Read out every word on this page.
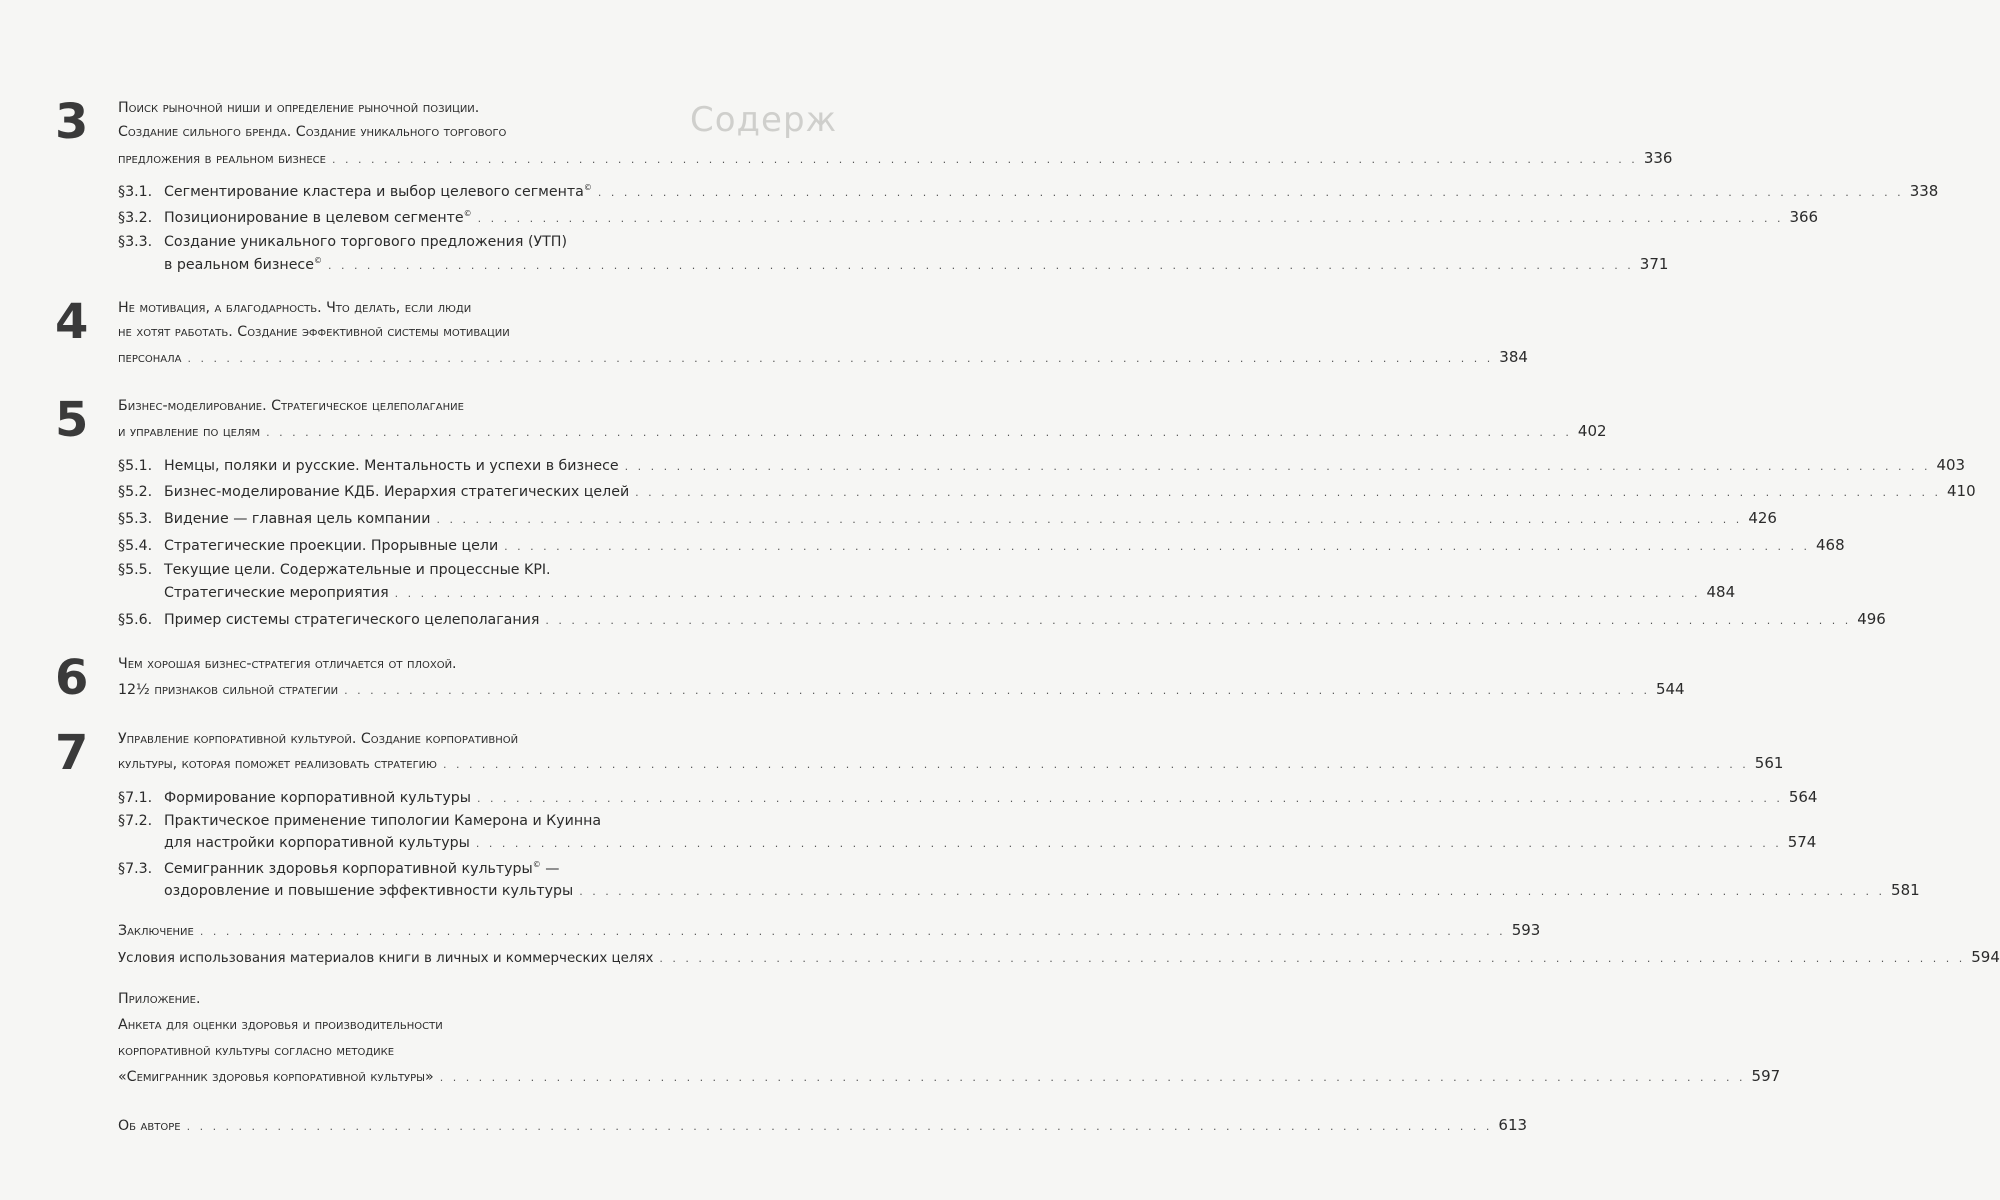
Содерж
3 Поиск рыночной ниши и определение рыночной позиции.
Создание сильного бренда. Создание уникального торгового
предложения в реальном бизнесе . . . . . . . . . . . . . . . . . . . . . . . . . . . . . . . . . . . . . . . . . . . . . . . . . . . . . . . . . . . . . . . . . . . . . . . . . . . . . . . . . . . . . . . . . . . . . . . . . . . . . 336
§3.1. Сегментирование кластера и выбор целевого сегмента© . . . . . . . . . . . . . . . . . . . . . . . . . . . . . . . . . . . . . . . . . . . . . . . . . . . . . . . . . . . . . . . . . . . . . . . . . . . . . . . . . . . . . . . . . . . . . . . . . . . . . 338
§3.2. Позиционирование в целевом сегменте© . . . . . . . . . . . . . . . . . . . . . . . . . . . . . . . . . . . . . . . . . . . . . . . . . . . . . . . . . . . . . . . . . . . . . . . . . . . . . . . . . . . . . . . . . . . . . . . . . . . . . 366
§3.3. Создание уникального торгового предложения (УТП)
в реальном бизнесе© . . . . . . . . . . . . . . . . . . . . . . . . . . . . . . . . . . . . . . . . . . . . . . . . . . . . . . . . . . . . . . . . . . . . . . . . . . . . . . . . . . . . . . . . . . . . . . . . . . . . . 371
4 Не мотивация, а благодарность. Что делать, если люди
не хотят работать. Создание эффективной системы мотивации
персонала . . . . . . . . . . . . . . . . . . . . . . . . . . . . . . . . . . . . . . . . . . . . . . . . . . . . . . . . . . . . . . . . . . . . . . . . . . . . . . . . . . . . . . . . . . . . . . . . . . . . . 384
5 Бизнес-моделирование. Стратегическое целеполагание
и управление по целям . . . . . . . . . . . . . . . . . . . . . . . . . . . . . . . . . . . . . . . . . . . . . . . . . . . . . . . . . . . . . . . . . . . . . . . . . . . . . . . . . . . . . . . . . . . . . . . . . . . . . 402
§5.1. Немцы, поляки и русские. Ментальность и успехи в бизнесе . . . . . . . . . . . . . . . . . . . . . . . . . . . . . . . . . . . . . . . . . . . . . . . . . . . . . . . . . . . . . . . . . . . . . . . . . . . . . . . . . . . . . . . . . . . . . . . . . . . . . 403
§5.2. Бизнес-моделирование КДБ. Иерархия стратегических целей . . . . . . . . . . . . . . . . . . . . . . . . . . . . . . . . . . . . . . . . . . . . . . . . . . . . . . . . . . . . . . . . . . . . . . . . . . . . . . . . . . . . . . . . . . . . . . . . . . . . . 410
§5.3. Видение — главная цель компании . . . . . . . . . . . . . . . . . . . . . . . . . . . . . . . . . . . . . . . . . . . . . . . . . . . . . . . . . . . . . . . . . . . . . . . . . . . . . . . . . . . . . . . . . . . . . . . . . . . . . 426
§5.4. Стратегические проекции. Прорывные цели . . . . . . . . . . . . . . . . . . . . . . . . . . . . . . . . . . . . . . . . . . . . . . . . . . . . . . . . . . . . . . . . . . . . . . . . . . . . . . . . . . . . . . . . . . . . . . . . . . . . . 468
§5.5. Текущие цели. Содержательные и процессные KPI.
Стратегические мероприятия . . . . . . . . . . . . . . . . . . . . . . . . . . . . . . . . . . . . . . . . . . . . . . . . . . . . . . . . . . . . . . . . . . . . . . . . . . . . . . . . . . . . . . . . . . . . . . . . . . . . . 484
§5.6. Пример системы стратегического целеполагания . . . . . . . . . . . . . . . . . . . . . . . . . . . . . . . . . . . . . . . . . . . . . . . . . . . . . . . . . . . . . . . . . . . . . . . . . . . . . . . . . . . . . . . . . . . . . . . . . . . . . 496
6 Чем хорошая бизнес-стратегия отличается от плохой.
12½ признаков сильной стратегии . . . . . . . . . . . . . . . . . . . . . . . . . . . . . . . . . . . . . . . . . . . . . . . . . . . . . . . . . . . . . . . . . . . . . . . . . . . . . . . . . . . . . . . . . . . . . . . . . . . . . 544
7 Управление корпоративной культурой. Создание корпоративной
культуры, которая поможет реализовать стратегию . . . . . . . . . . . . . . . . . . . . . . . . . . . . . . . . . . . . . . . . . . . . . . . . . . . . . . . . . . . . . . . . . . . . . . . . . . . . . . . . . . . . . . . . . . . . . . . . . . . . . 561
§7.1. Формирование корпоративной культуры . . . . . . . . . . . . . . . . . . . . . . . . . . . . . . . . . . . . . . . . . . . . . . . . . . . . . . . . . . . . . . . . . . . . . . . . . . . . . . . . . . . . . . . . . . . . . . . . . . . . . 564
§7.2. Практическое применение типологии Камерона и Куинна
для настройки корпоративной культуры . . . . . . . . . . . . . . . . . . . . . . . . . . . . . . . . . . . . . . . . . . . . . . . . . . . . . . . . . . . . . . . . . . . . . . . . . . . . . . . . . . . . . . . . . . . . . . . . . . . . . 574
§7.3. Семигранник здоровья корпоративной культуры© —
оздоровление и повышение эффективности культуры . . . . . . . . . . . . . . . . . . . . . . . . . . . . . . . . . . . . . . . . . . . . . . . . . . . . . . . . . . . . . . . . . . . . . . . . . . . . . . . . . . . . . . . . . . . . . . . . . . . . . 581
Заключение . . . . . . . . . . . . . . . . . . . . . . . . . . . . . . . . . . . . . . . . . . . . . . . . . . . . . . . . . . . . . . . . . . . . . . . . . . . . . . . . . . . . . . . . . . . . . . . . . . . . . 593
Условия использования материалов книги в личных и коммерческих целях . . . . . . . . . . . . . . . . . . . . . . . . . . . . . . . . . . . . . . . . . . . . . . . . . . . . . . . . . . . . . . . . . . . . . . . . . . . . . . . . . . . . . . . . . . . . . . . . . . . . . 594
Приложение.
Анкета для оценки здоровья и производительности
корпоративной культуры согласно методике
«Семигранник здоровья корпоративной культуры» . . . . . . . . . . . . . . . . . . . . . . . . . . . . . . . . . . . . . . . . . . . . . . . . . . . . . . . . . . . . . . . . . . . . . . . . . . . . . . . . . . . . . . . . . . . . . . . . . . . . . 597
Об авторе . . . . . . . . . . . . . . . . . . . . . . . . . . . . . . . . . . . . . . . . . . . . . . . . . . . . . . . . . . . . . . . . . . . . . . . . . . . . . . . . . . . . . . . . . . . . . . . . . . . . . 613
